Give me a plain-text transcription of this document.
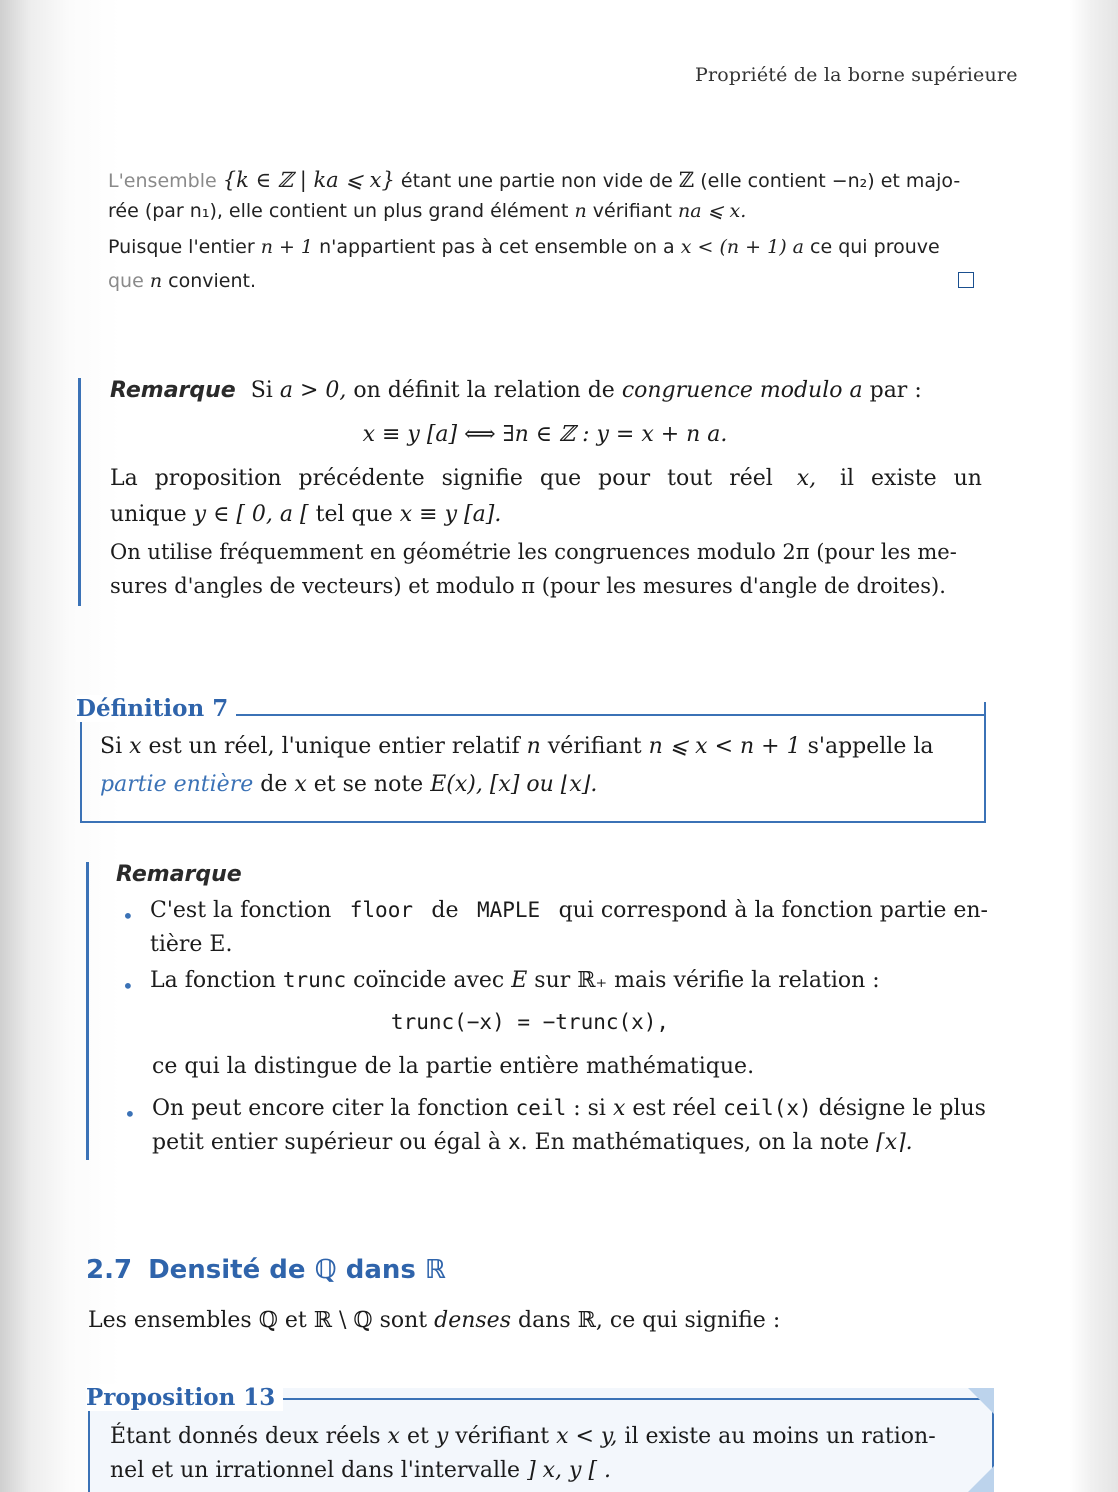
Propriété de la borne supérieure
L'ensemble {k ∈ ℤ | ka ⩽ x} étant une partie non vide de ℤ (elle contient −n₂) et majo-
rée (par n₁), elle contient un plus grand élément n vérifiant na ⩽ x.
Puisque l'entier n + 1 n'appartient pas à cet ensemble on a x < (n + 1) a ce qui prouve
que n convient.
Remarque Si a > 0, on définit la relation de congruence modulo a par :
x ≡ y [a] ⟺ ∃n ∈ ℤ : y = x + n a.
La proposition précédente signifie que pour tout réel x, il existe un
unique y ∈ [ 0, a [ tel que x ≡ y [a].
On utilise fréquemment en géométrie les congruences modulo 2π (pour les me-
sures d'angles de vecteurs) et modulo π (pour les mesures d'angle de droites).
Définition 7
Si x est un réel, l'unique entier relatif n vérifiant n ⩽ x < n + 1 s'appelle la
partie entière de x et se note E(x), [x] ou ⌊x⌋.
Remarque
• C'est la fonction floor de MAPLE qui correspond à la fonction partie en-
tière E.
• La fonction trunc coïncide avec E sur ℝ₊ mais vérifie la relation :
trunc(−x) = −trunc(x),
ce qui la distingue de la partie entière mathématique.
• On peut encore citer la fonction ceil : si x est réel ceil(x) désigne le plus
petit entier supérieur ou égal à x. En mathématiques, on la note ⌈x⌉.
2.7 Densité de ℚ dans ℝ
Les ensembles ℚ et ℝ \ ℚ sont denses dans ℝ, ce qui signifie :
Proposition 13
Étant donnés deux réels x et y vérifiant x < y, il existe au moins un ration-
nel et un irrationnel dans l'intervalle ] x, y [ .
